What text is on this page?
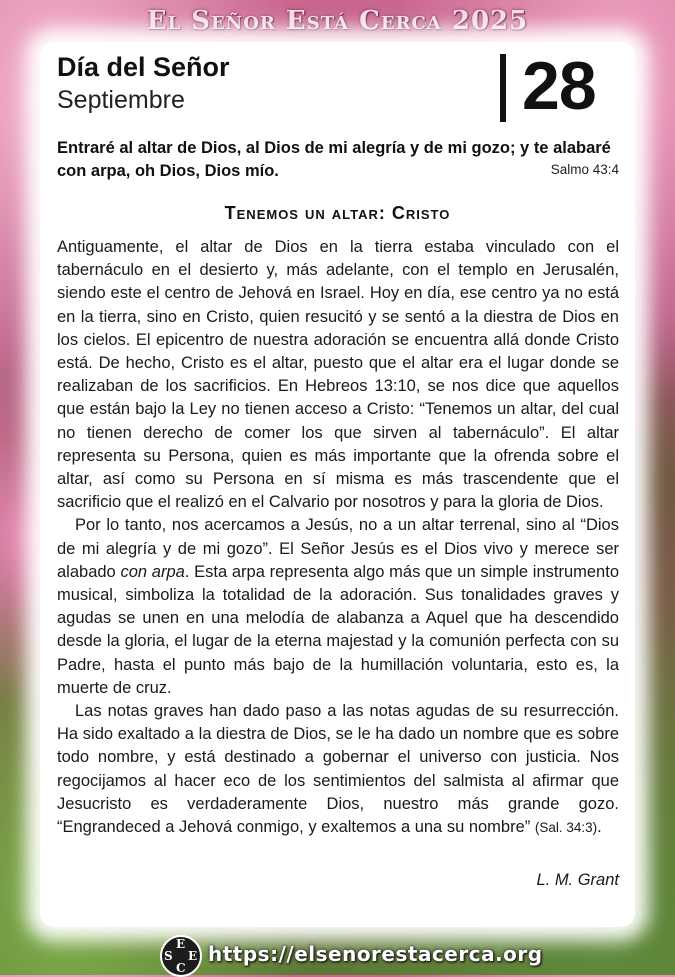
El Señor Está Cerca 2025
Día del Señor
Septiembre	28
Entraré al altar de Dios, al Dios de mi alegría y de mi gozo; y te alabaré con arpa, oh Dios, Dios mío.	Salmo 43:4
Tenemos un altar: Cristo

Antiguamente, el altar de Dios en la tierra estaba vinculado con el tabernáculo en el desierto y, más adelante, con el templo en Jerusalén, siendo este el centro de Jehová en Israel. Hoy en día, ese centro ya no está en la tierra, sino en Cristo, quien resucitó y se sentó a la diestra de Dios en los cielos. El epicentro de nuestra adoración se encuentra allá donde Cristo está. De hecho, Cristo es el altar, puesto que el altar era el lugar donde se realizaban de los sacrificios. En Hebreos 13:10, se nos dice que aquellos que están bajo la Ley no tienen acceso a Cristo: “Tenemos un altar, del cual no tienen derecho de comer los que sirven al tabernáculo”. El altar representa su Persona, quien es más importante que la ofrenda sobre el altar, así como su Persona en sí misma es más trascendente que el sacrificio que el realizó en el Calvario por nosotros y para la gloria de Dios.

Por lo tanto, nos acercamos a Jesús, no a un altar terrenal, sino al “Dios de mi alegría y de mi gozo”. El Señor Jesús es el Dios vivo y merece ser alabado con arpa. Esta arpa representa algo más que un simple instrumento musical, simboliza la totalidad de la adoración. Sus tonalidades graves y agudas se unen en una melodía de alabanza a Aquel que ha descendido desde la gloria, el lugar de la eterna majestad y la comunión perfecta con su Padre, hasta el punto más bajo de la humillación voluntaria, esto es, la muerte de cruz.

Las notas graves han dado paso a las notas agudas de su resurrección. Ha sido exaltado a la diestra de Dios, se le ha dado un nombre que es sobre todo nombre, y está destinado a gobernar el universo con justicia. Nos regocijamos al hacer eco de los sentimientos del salmista al afirmar que Jesucristo es verdaderamente Dios, nuestro más grande gozo. “Engrandeced a Jehová conmigo, y exaltemos a una su nombre” (Sal. 34:3).

L. M. Grant
E
S E
C
https://elsenorestacerca.org
